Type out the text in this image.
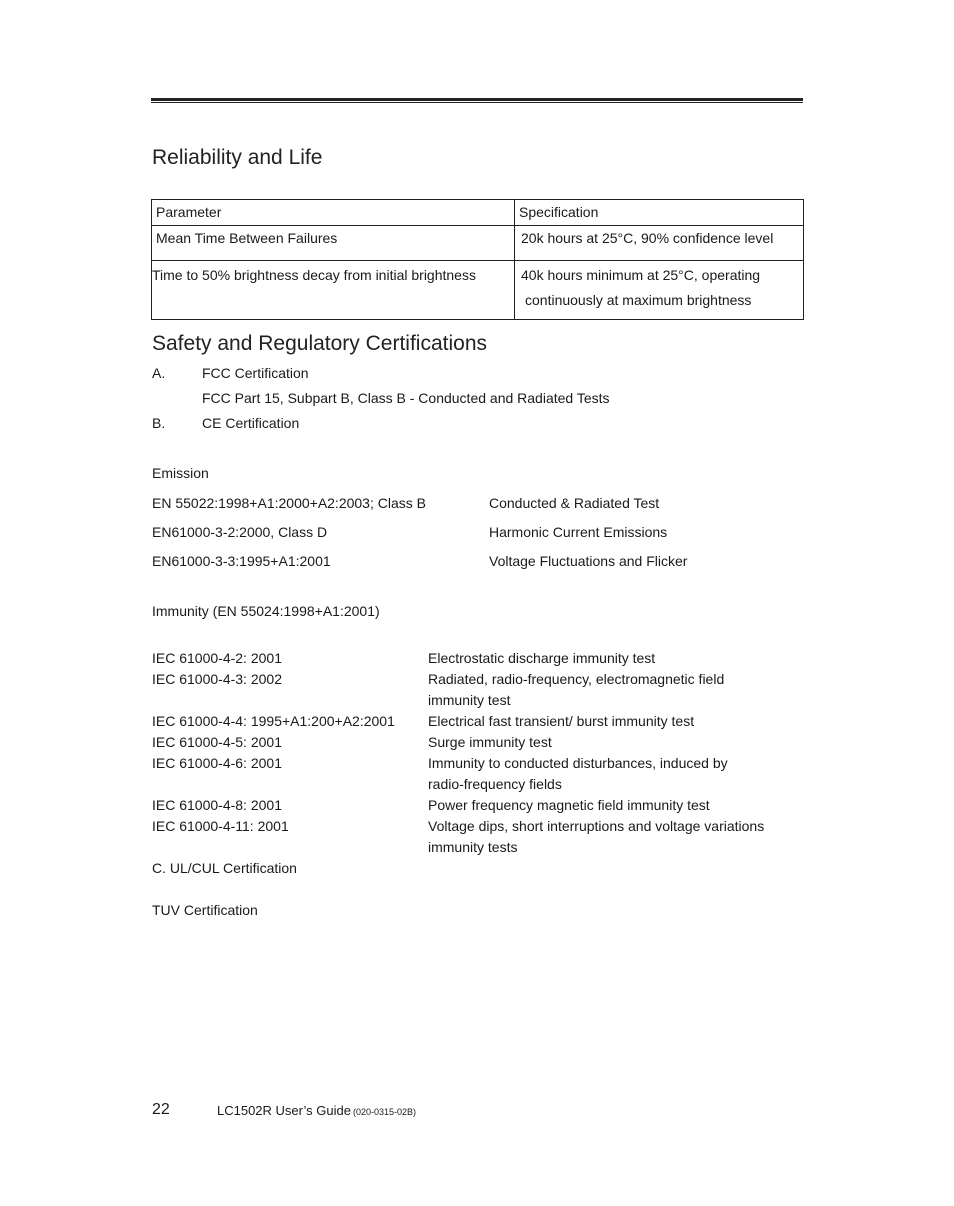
Reliability and Life
Parameter	Specification
Mean Time Between Failures	20k hours at 25°C, 90% confidence level
Time to 50% brightness decay from initial brightness	40k hours minimum at 25°C, operating
continuously at maximum brightness
Safety and Regulatory Certifications
A.	FCC Certification
FCC Part 15, Subpart B, Class B - Conducted and Radiated Tests
B.	CE Certification
Emission
EN 55022:1998+A1:2000+A2:2003; Class B	Conducted & Radiated Test
EN61000-3-2:2000, Class D	Harmonic Current Emissions
EN61000-3-3:1995+A1:2001	Voltage Fluctuations and Flicker
Immunity (EN 55024:1998+A1:2001)
IEC 61000-4-2: 2001	Electrostatic discharge immunity test
IEC 61000-4-3: 2002	Radiated, radio-frequency, electromagnetic field
immunity test
IEC 61000-4-4: 1995+A1:200+A2:2001 Electrical fast transient/ burst immunity test
IEC 61000-4-5: 2001	Surge immunity test
IEC 61000-4-6: 2001	Immunity to conducted disturbances, induced by
radio-frequency fields
IEC 61000-4-8: 2001	Power frequency magnetic field immunity test
IEC 61000-4-11: 2001	Voltage dips, short interruptions and voltage variations
immunity tests
C. UL/CUL Certification
TUV Certification
22	LC1502R User’s Guide (020-0315-02B)
